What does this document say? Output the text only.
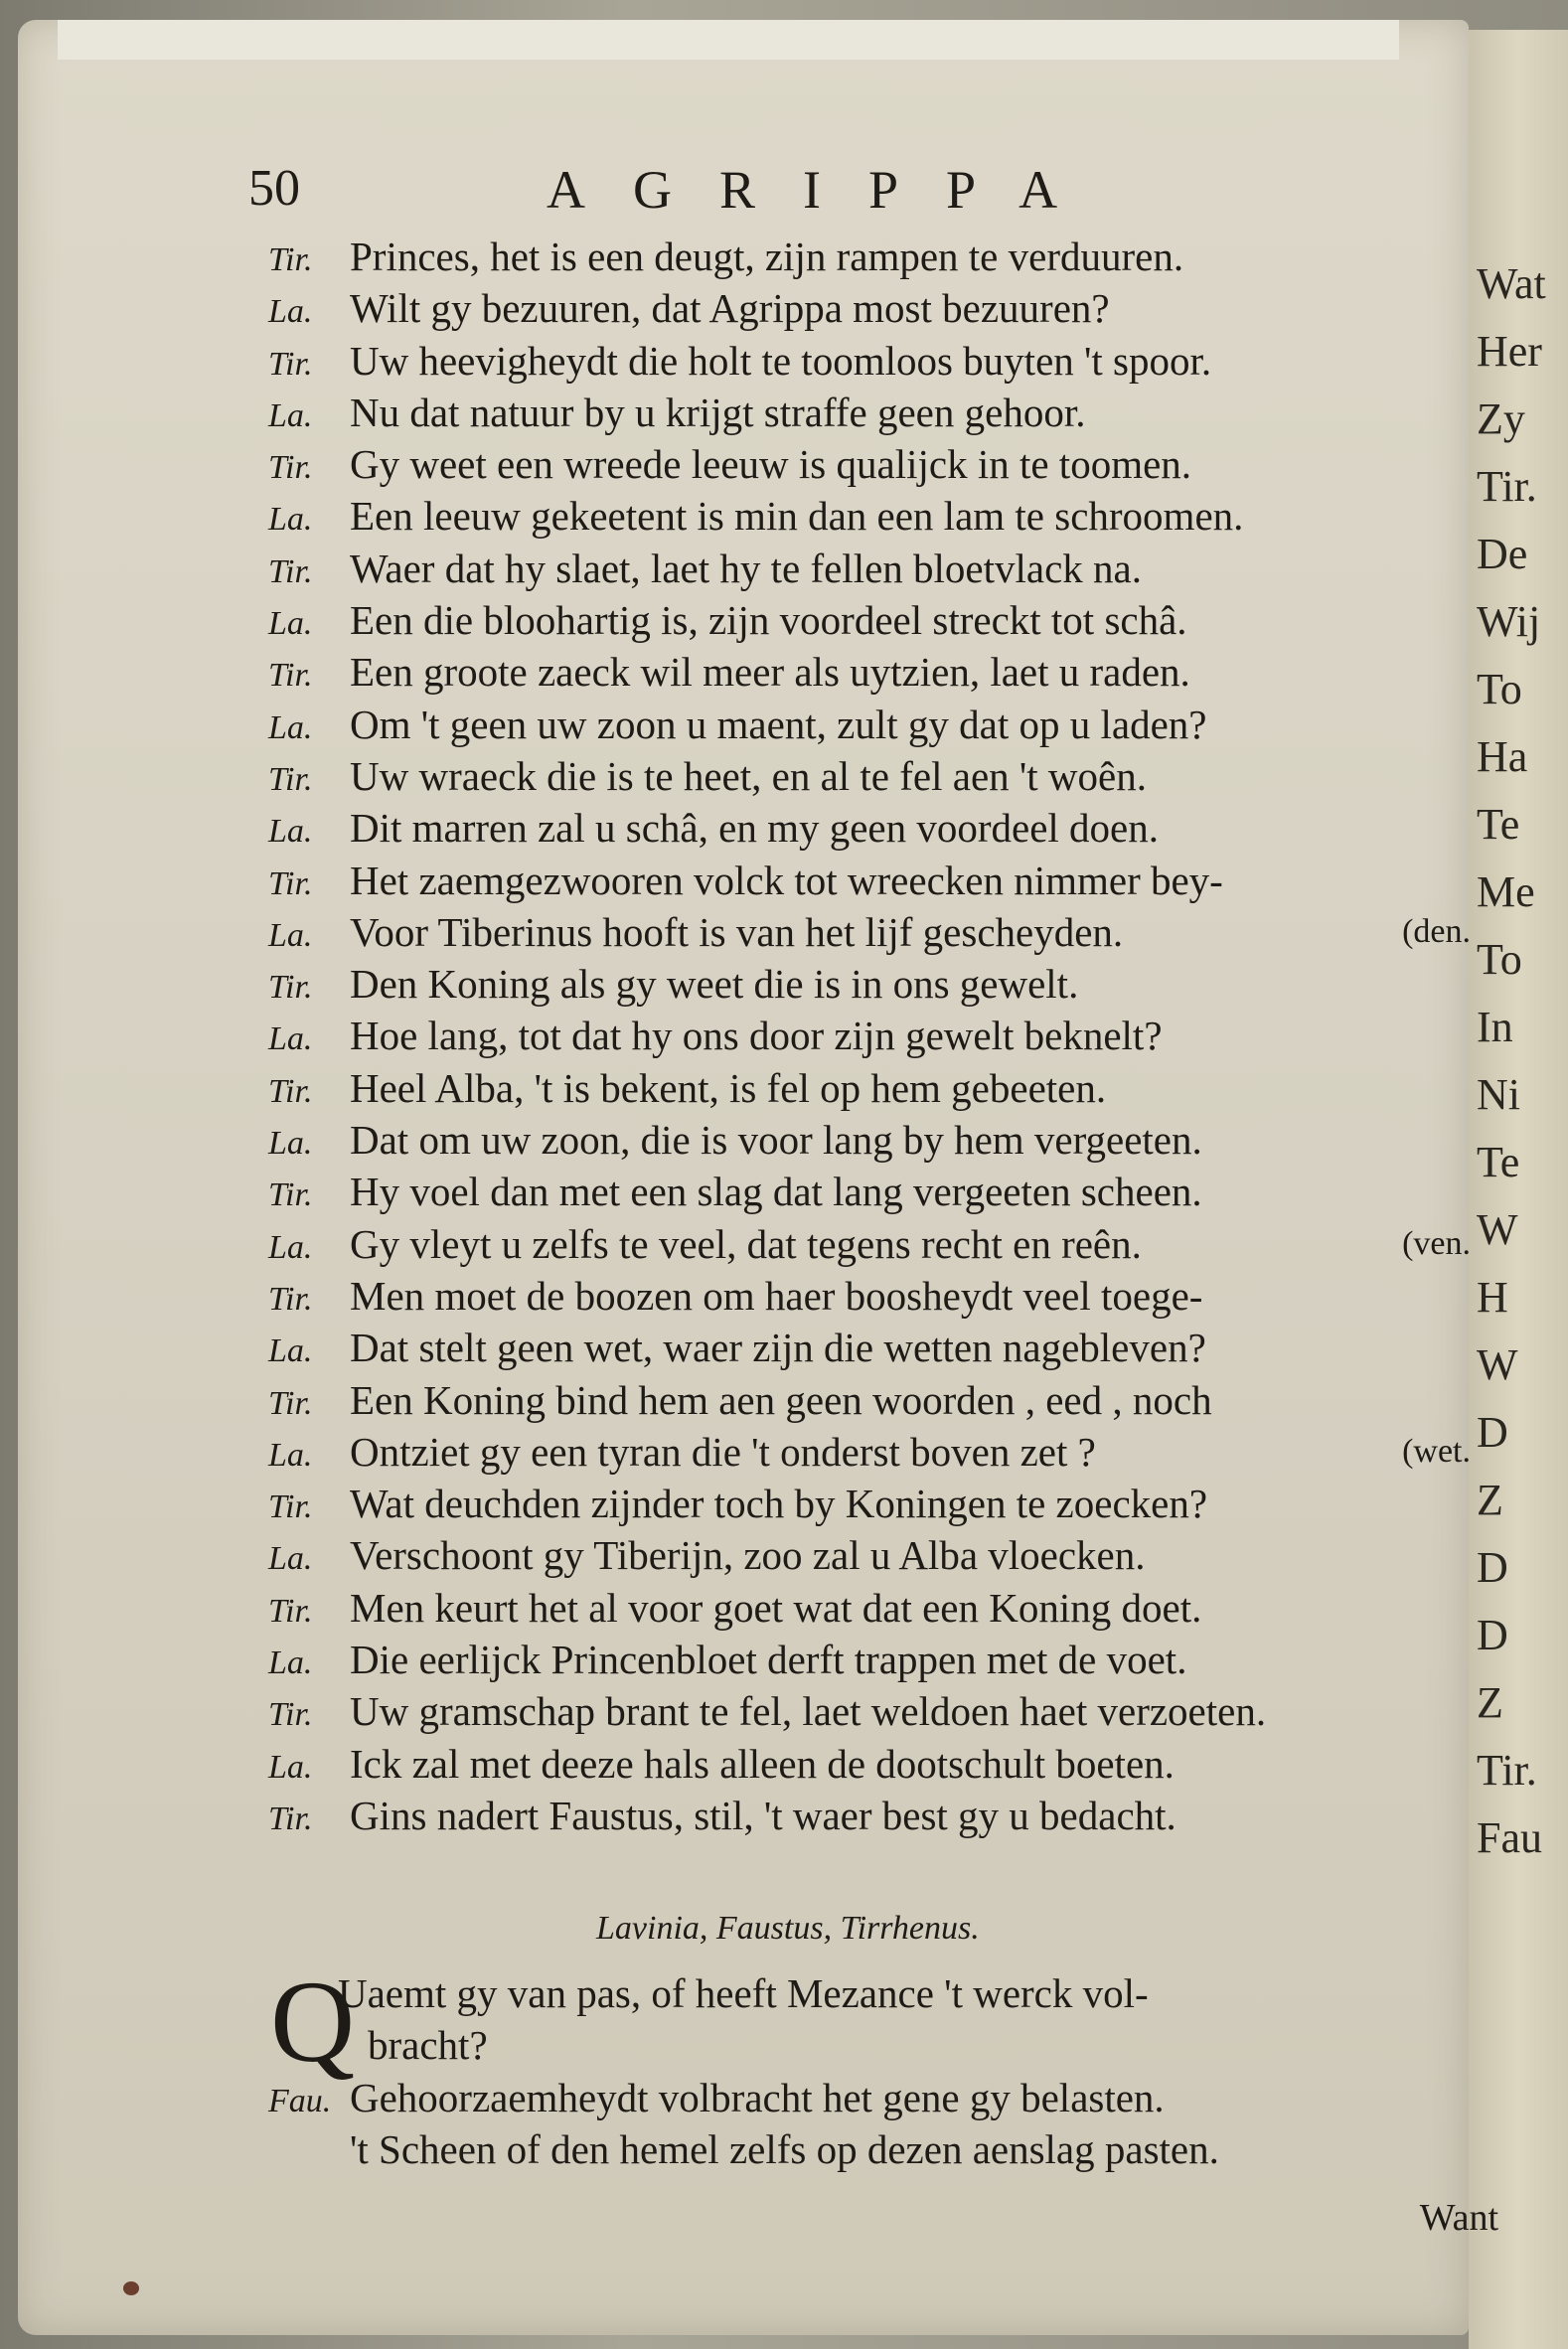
Wat
Her
Zy
Tir.
De
Wij
To
Ha
Te
Me
To
In
Ni
Te
W
H
W
D
Z
D
D
Z
Tir.
Fau
50	AGRIPPA
Tir. Princes, het is een deugt, zijn rampen te verduuren.
La. Wilt gy bezuuren, dat Agrippa most bezuuren?
Tir. Uw heevigheydt die holt te toomloos buyten 't spoor.
La. Nu dat natuur by u krijgt straffe geen gehoor.
Tir. Gy weet een wreede leeuw is qualijck in te toomen.
La. Een leeuw gekeetent is min dan een lam te schroomen.
Tir. Waer dat hy slaet, laet hy te fellen bloetvlack na.
La. Een die bloohartig is, zijn voordeel streckt tot schâ.
Tir. Een groote zaeck wil meer als uytzien, laet u raden.
La. Om 't geen uw zoon u maent, zult gy dat op u laden?
Tir. Uw wraeck die is te heet, en al te fel aen 't woên.
La. Dit marren zal u schâ, en my geen voordeel doen.
Tir. Het zaemgezwooren volck tot wreecken nimmer bey-
La. Voor Tiberinus hooft is van het lijf gescheyden.	(den.
Tir. Den Koning als gy weet die is in ons gewelt.
La. Hoe lang, tot dat hy ons door zijn gewelt beknelt?
Tir. Heel Alba, 't is bekent, is fel op hem gebeeten.
La. Dat om uw zoon, die is voor lang by hem vergeeten.
Tir. Hy voel dan met een slag dat lang vergeeten scheen.
La. Gy vleyt u zelfs te veel, dat tegens recht en reên.	(ven.
Tir. Men moet de boozen om haer boosheydt veel toege-
La. Dat stelt geen wet, waer zijn die wetten nagebleven?
Tir. Een Koning bind hem aen geen woorden , eed , noch
La. Ontziet gy een tyran die 't onderst boven zet ?	(wet.
Tir. Wat deuchden zijnder toch by Koningen te zoecken?
La. Verschoont gy Tiberijn, zoo zal u Alba vloecken.
Tir. Men keurt het al voor goet wat dat een Koning doet.
La. Die eerlijck Princenbloet derft trappen met de voet.
Tir. Uw gramschap brant te fel, laet weldoen haet verzoeten.
La. Ick zal met deeze hals alleen de dootschult boeten.
Tir. Gins nadert Faustus, stil, 't waer best gy u bedacht.
Lavinia, Faustus, Tirrhenus.
Q
Uaemt gy van pas, of heeft Mezance 't werck vol-
bracht?
Fau. Gehoorzaemheydt volbracht het gene gy belasten.
't Scheen of den hemel zelfs op dezen aenslag pasten.
Want
